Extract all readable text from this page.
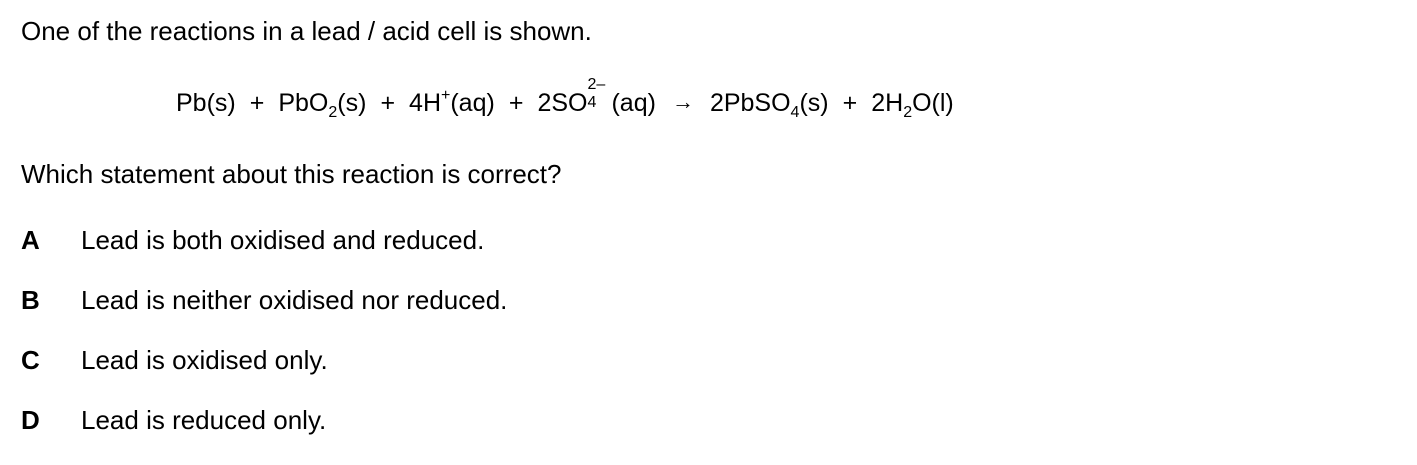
One of the reactions in a lead / acid cell is shown.
Pb(s) + PbO$_2$(s) + 4H+(aq) + 2SO
2–
4 (aq) → 2PbSO$_4$(s) + $2H_2O(l)$
Which statement about this reaction is correct?
A Lead is both oxidised and reduced.
B Lead is neither oxidised nor reduced.
C Lead is oxidised only.
D Lead is reduced only.
